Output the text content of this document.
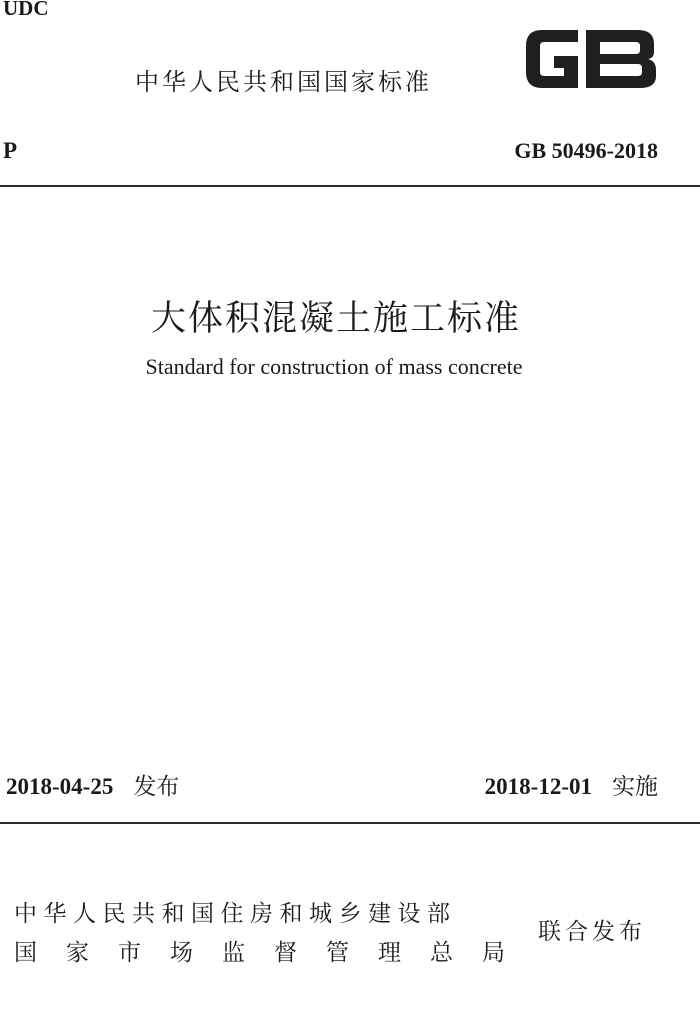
UDC
中华人民共和国国家标准
P	GB 50496-2018
大体积混凝土施工标准
Standard for construction of mass concrete
2018-04-25 发布	2018-12-01 实施
中华人民共和国住房和城乡建设部
国家市场监督管理总局
联合发布
